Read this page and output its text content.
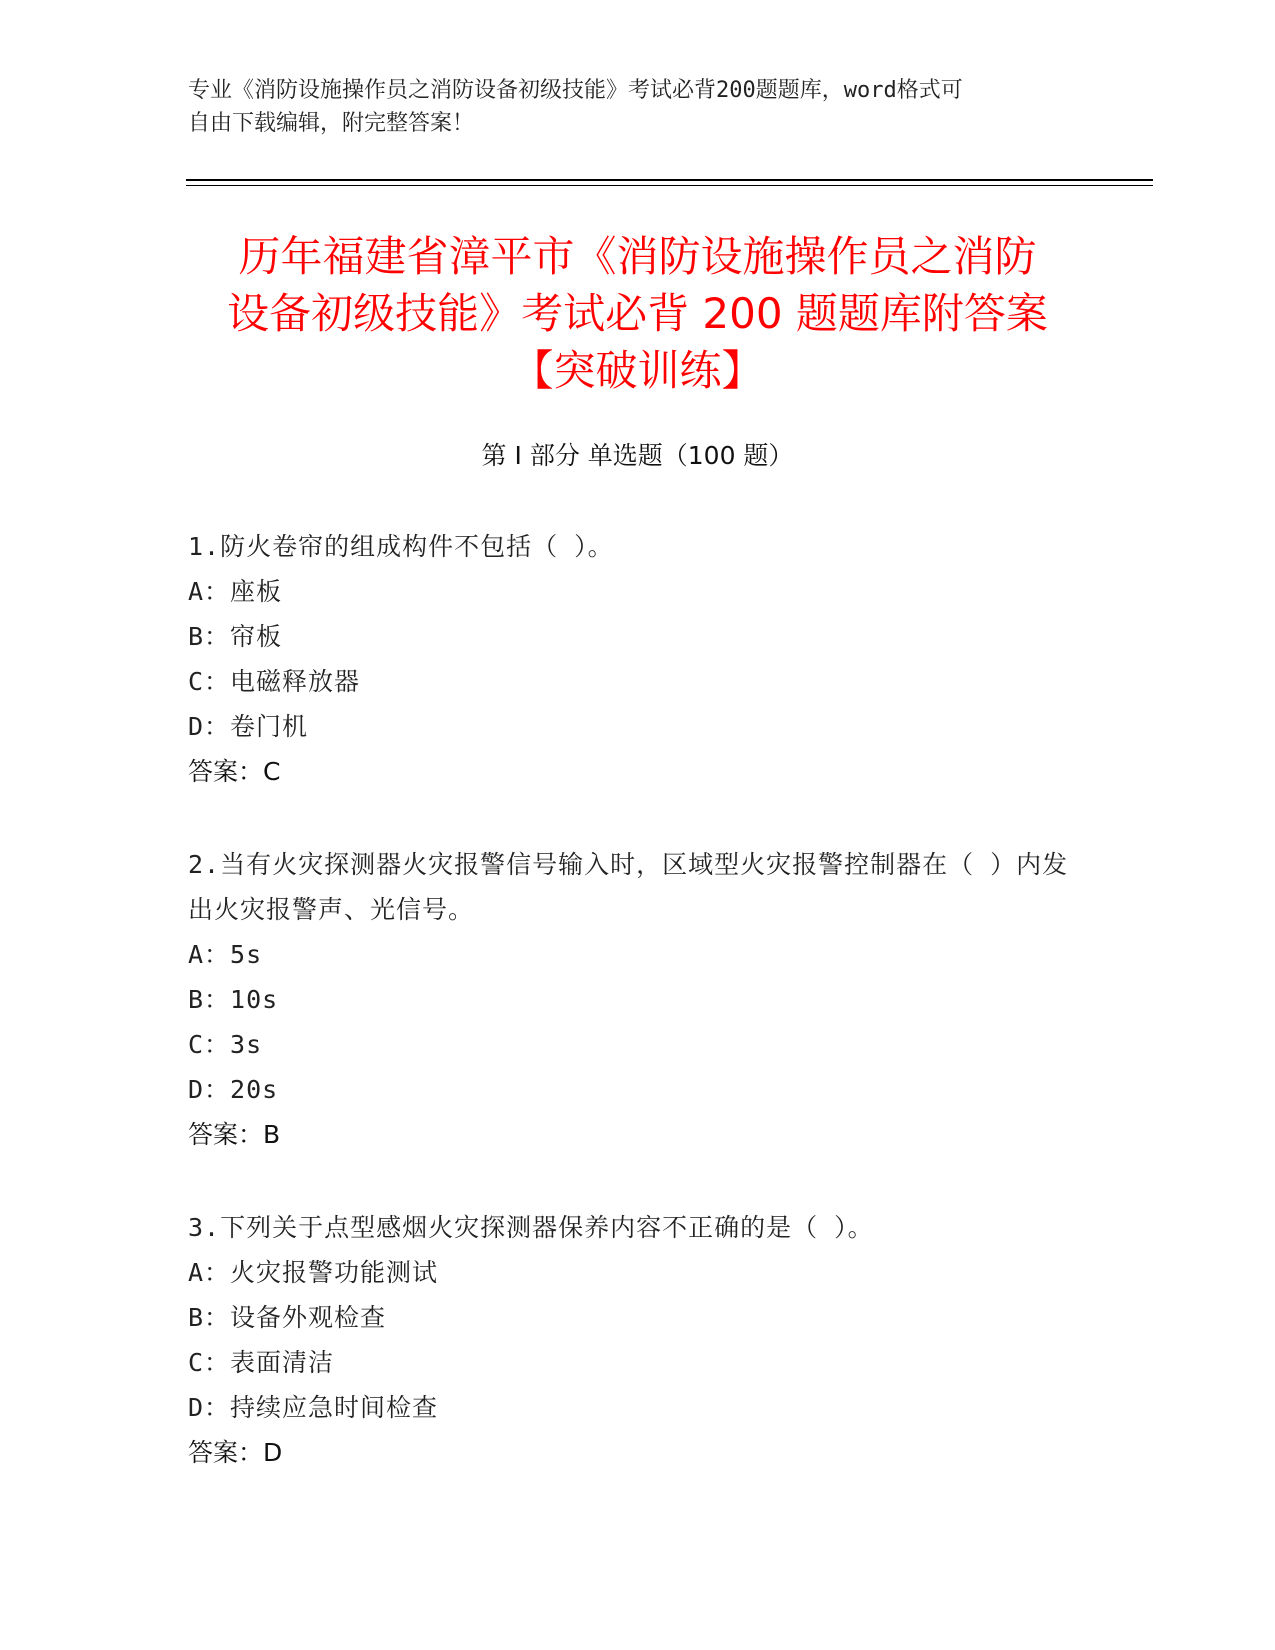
专业《消防设施操作员之消防设备初级技能》考试必背200题题库，word格式可

自由下载编辑，附完整答案！

历年福建省漳平市《消防设施操作员之消防
设备初级技能》考试必背 200 题题库附答案
【突破训练】
第 I 部分 单选题（100 题）

1.防火卷帘的组成构件不包括（ ）。

A：座板

B：帘板

C：电磁释放器

D：卷门机

答案：C

2.当有火灾探测器火灾报警信号输入时，区域型火灾报警控制器在（ ）内发出火灾报警声、光信号。

A：5s

B：10s

C：3s

D：20s

答案：B

3.下列关于点型感烟火灾探测器保养内容不正确的是（ ）。

A：火灾报警功能测试

B：设备外观检查

C：表面清洁

D：持续应急时间检查

答案：D
